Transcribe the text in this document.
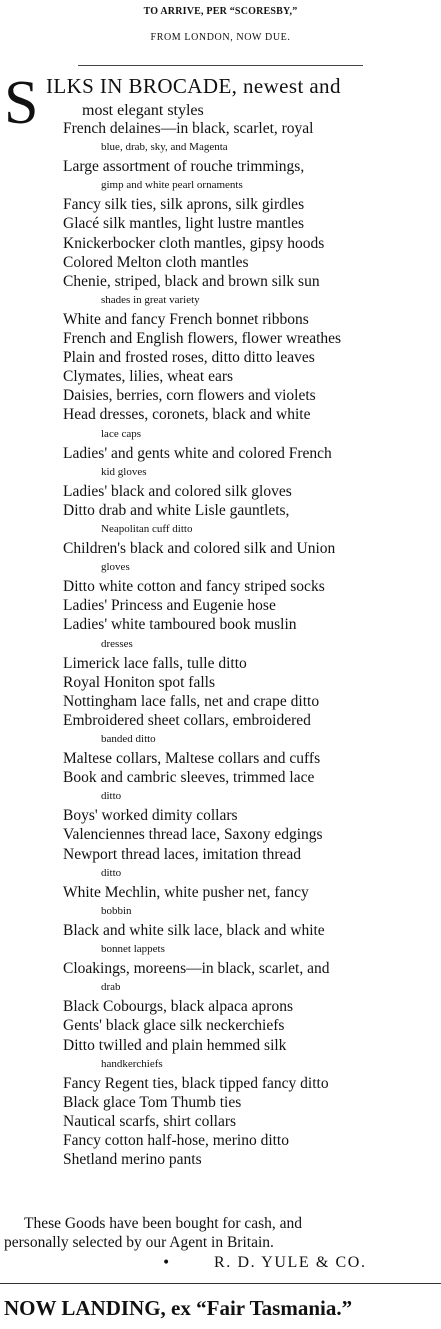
TO ARRIVE, PER “SCORESBY,”
FROM LONDON, NOW DUE.
S ILKS IN BROCADE, newest and
most elegant styles
French delaines—in black, scarlet, royal
blue, drab, sky, and Magenta
Large assortment of rouche trimmings,
gimp and white pearl ornaments
Fancy silk ties, silk aprons, silk girdles
Glacé silk mantles, light lustre mantles
Knickerbocker cloth mantles, gipsy hoods
Colored Melton cloth mantles
Chenie, striped, black and brown silk sun
shades in great variety
White and fancy French bonnet ribbons
French and English flowers, flower wreathes
Plain and frosted roses, ditto ditto leaves
Clymates, lilies, wheat ears
Daisies, berries, corn flowers and violets
Head dresses, coronets, black and white
lace caps
Ladies' and gents white and colored French
kid gloves
Ladies' black and colored silk gloves
Ditto drab and white Lisle gauntlets,
Neapolitan cuff ditto
Children's black and colored silk and Union
gloves
Ditto white cotton and fancy striped socks
Ladies' Princess and Eugenie hose
Ladies' white tamboured book muslin
dresses
Limerick lace falls, tulle ditto
Royal Honiton spot falls
Nottingham lace falls, net and crape ditto
Embroidered sheet collars, embroidered
banded ditto
Maltese collars, Maltese collars and cuffs
Book and cambric sleeves, trimmed lace
ditto
Boys' worked dimity collars
Valenciennes thread lace, Saxony edgings
Newport thread laces, imitation thread
ditto
White Mechlin, white pusher net, fancy
bobbin
Black and white silk lace, black and white
bonnet lappets
Cloakings, moreens—in black, scarlet, and
drab
Black Cobourgs, black alpaca aprons
Gents' black glace silk neckerchiefs
Ditto twilled and plain hemmed silk
handkerchiefs
Fancy Regent ties, black tipped fancy ditto
Black glace Tom Thumb ties
Nautical scarfs, shirt collars
Fancy cotton half-hose, merino ditto
Shetland merino pants
These Goods have been bought for cash, and
personally selected by our Agent in Britain.
•	R. D. YULE & CO.
NOW LANDING, ex “Fair Tasmania.”
